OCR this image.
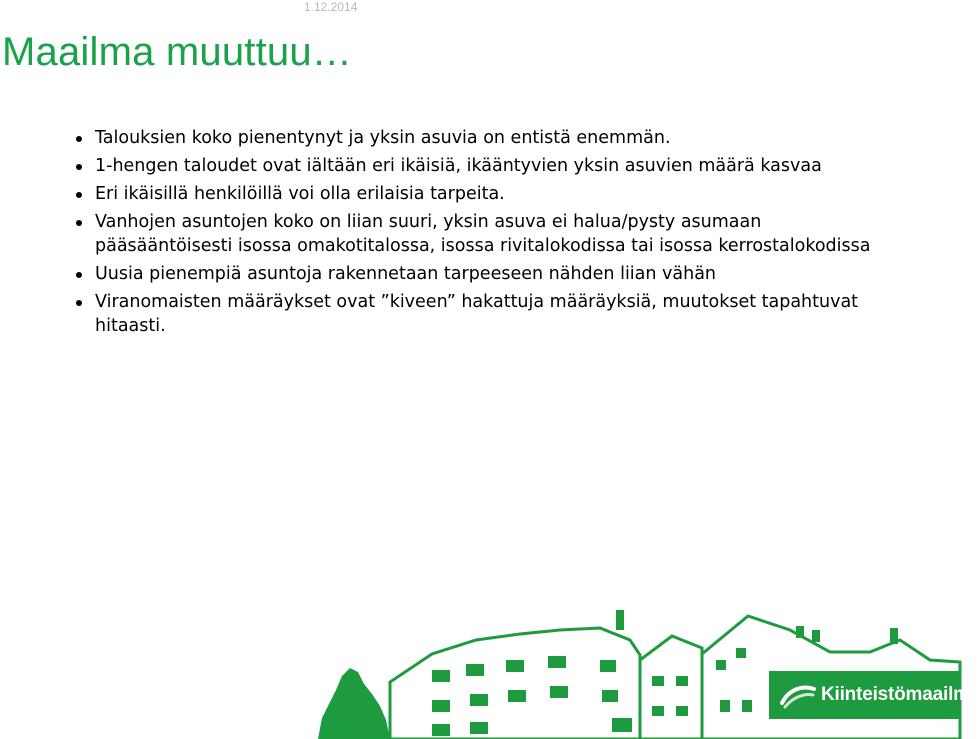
1.12.2014
Maailma muuttuu…
Talouksien koko pienentynyt ja yksin asuvia on entistä enemmän.
1-hengen taloudet ovat iältään eri ikäisiä, ikääntyvien yksin asuvien määrä kasvaa
Eri ikäisillä henkilöillä voi olla erilaisia tarpeita.
Vanhojen asuntojen koko on liian suuri, yksin asuva ei halua/pysty asumaan pääsääntöisesti isossa omakotitalossa, isossa rivitalokodissa tai isossa kerrostalokodissa
Uusia pienempiä asuntoja rakennetaan tarpeeseen nähden liian vähän
Viranomaisten määräykset ovat ”kiveen” hakattuja määräyksiä, muutokset tapahtuvat hitaasti.
Kiinteistömaailma
